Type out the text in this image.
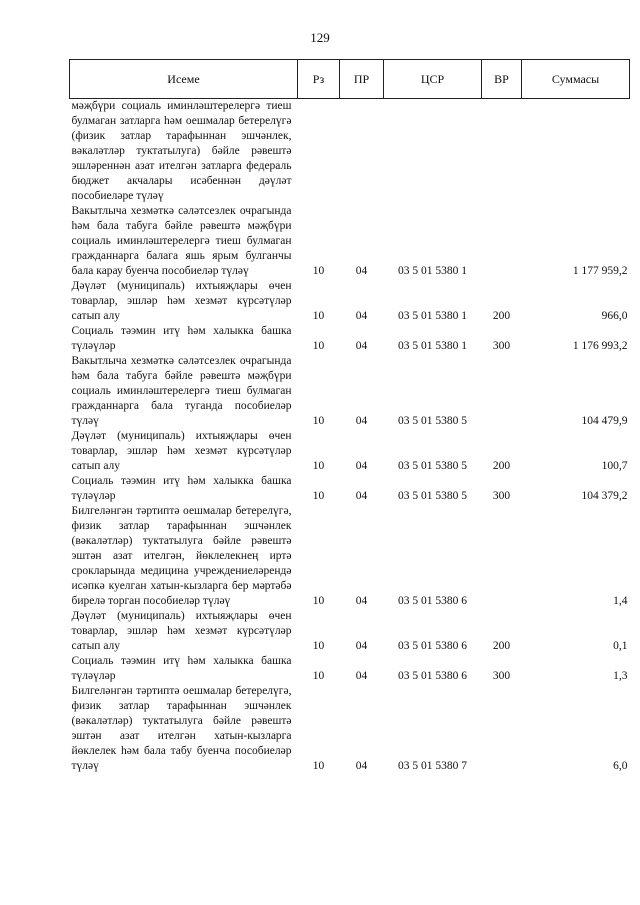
129
Исеме	Рз	ПР	ЦСР	ВР	Суммасы
мәҗбүри социаль иминләштерелергә тиеш булмаган затларга һәм оешмалар бетерелүгә (физик затлар тарафыннан эшчәнлек, вәкаләтләр туктатылуга) бәйле рәвештә эшләреннән азат ителгән затларга федераль бюджет акчалары исәбеннән дәүләт пособиеләре түләү					
Вакытлыча хезмәткә сәләтсезлек очрагында һәм бала табуга бәйле рәвештә мәҗбүри социаль иминләштерелергә тиеш булмаган гражданнарга балага яшь ярым булганчы бала карау буенча пособиеләр түләү	10	04	03 5 01 5380 1		1 177 959,2
Дәүләт (муниципаль) ихтыяҗлары өчен товарлар, эшләр һәм хезмәт күрсәтүләр сатып алу	10	04	03 5 01 5380 1	200	966,0
Социаль тәэмин итү һәм халыкка башка түләүләр	10	04	03 5 01 5380 1	300	1 176 993,2
Вакытлыча хезмәткә сәләтсезлек очрагында һәм бала табуга бәйле рәвештә мәҗбүри социаль иминләштерелергә тиеш булмаган гражданнарга бала туганда пособиеләр түләү	10	04	03 5 01 5380 5		104 479,9
Дәүләт (муниципаль) ихтыяҗлары өчен товарлар, эшләр һәм хезмәт күрсәтүләр сатып алу	10	04	03 5 01 5380 5	200	100,7
Социаль тәэмин итү һәм халыкка башка түләүләр	10	04	03 5 01 5380 5	300	104 379,2
Билгеләнгән тәртиптә оешмалар бетерелүгә, физик затлар тарафыннан эшчәнлек (вәкаләтләр) туктатылуга бәйле рәвештә эштән азат ителгән, йөклелекнең иртә срокларында медицина учреждениеләрендә исәпкә куелган хатын-кызларга бер мәртәбә бирелә торган пособиеләр түләү	10	04	03 5 01 5380 6		1,4
Дәүләт (муниципаль) ихтыяҗлары өчен товарлар, эшләр һәм хезмәт күрсәтүләр сатып алу	10	04	03 5 01 5380 6	200	0,1
Социаль тәэмин итү һәм халыкка башка түләүләр	10	04	03 5 01 5380 6	300	1,3
Билгеләнгән тәртиптә оешмалар бетерелүгә, физик затлар тарафыннан эшчәнлек (вәкаләтләр) туктатылуга бәйле рәвештә эштән азат ителгән хатын-кызларга йөклелек һәм бала табу буенча пособиеләр түләү	10	04	03 5 01 5380 7		6,0
